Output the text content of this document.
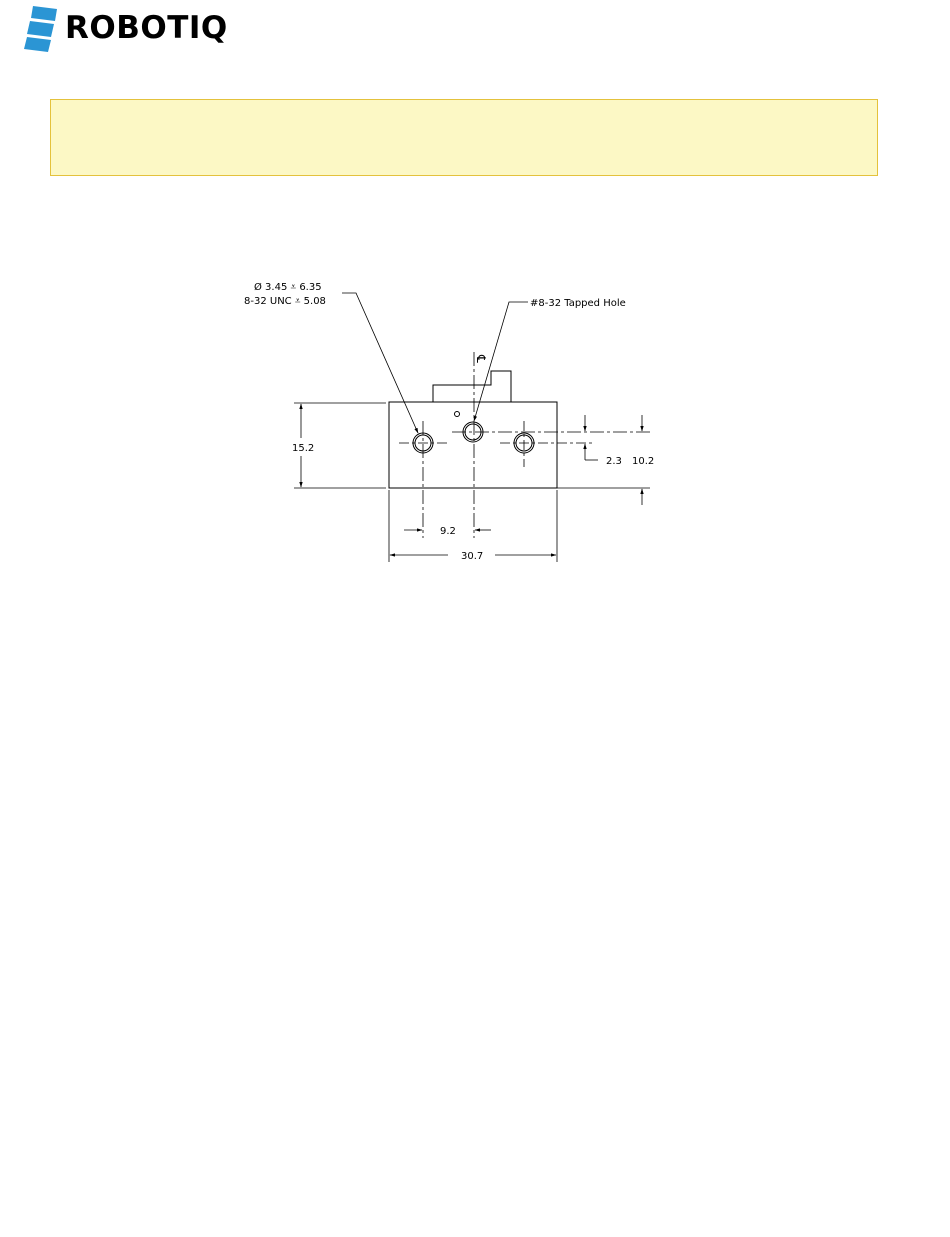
ROBOTIQ
Ø 3.45 ⩡ 6.35
8-32 UNC ⩡ 5.08	#8-32 Tapped Hole
℄
15.2
2.3 10.2
9.2
30.7
